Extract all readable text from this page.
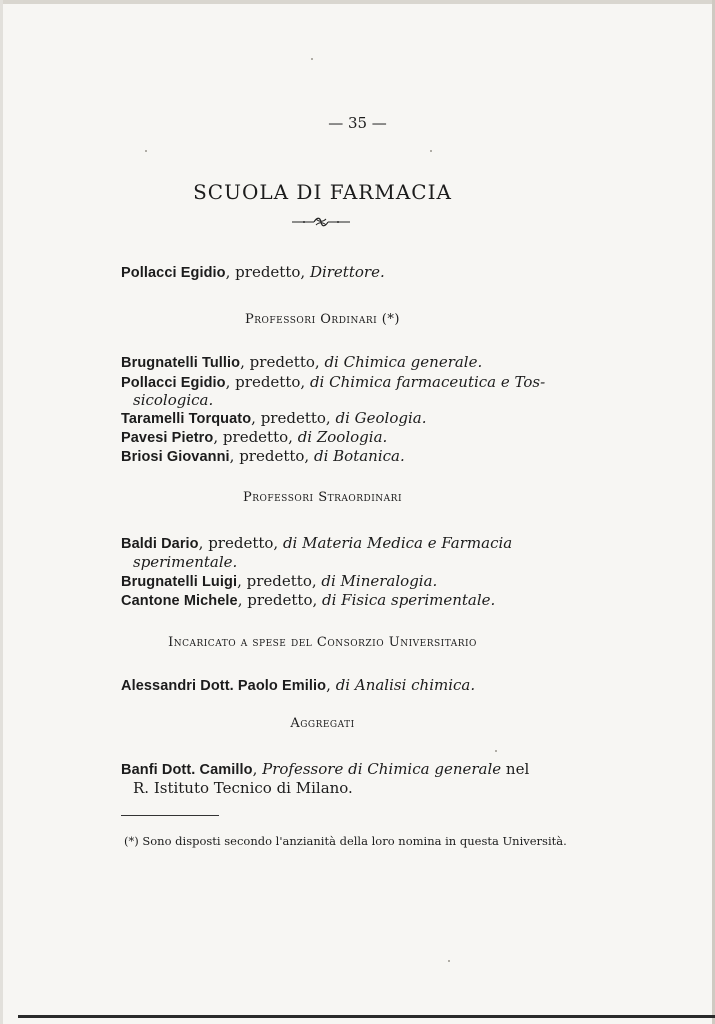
— 35 —
SCUOLA DI FARMACIA
Pollacci Egidio, predetto, Direttore.
Professori Ordinari (*)
Brugnatelli Tullio, predetto, di Chimica generale.
Pollacci Egidio, predetto, di Chimica farmaceutica e Tos-
sicologica.
Taramelli Torquato, predetto, di Geologia.
Pavesi Pietro, predetto, di Zoologia.
Briosi Giovanni, predetto, di Botanica.
Professori Straordinari
Baldi Dario, predetto, di Materia Medica e Farmacia
sperimentale.
Brugnatelli Luigi, predetto, di Mineralogia.
Cantone Michele, predetto, di Fisica sperimentale.
Incaricato a spese del Consorzio Universitario
Alessandri Dott. Paolo Emilio, di Analisi chimica.
Aggregati
Banfi Dott. Camillo, Professore di Chimica generale nel
R. Istituto Tecnico di Milano.
(*) Sono disposti secondo l'anzianità della loro nomina in questa Università.
